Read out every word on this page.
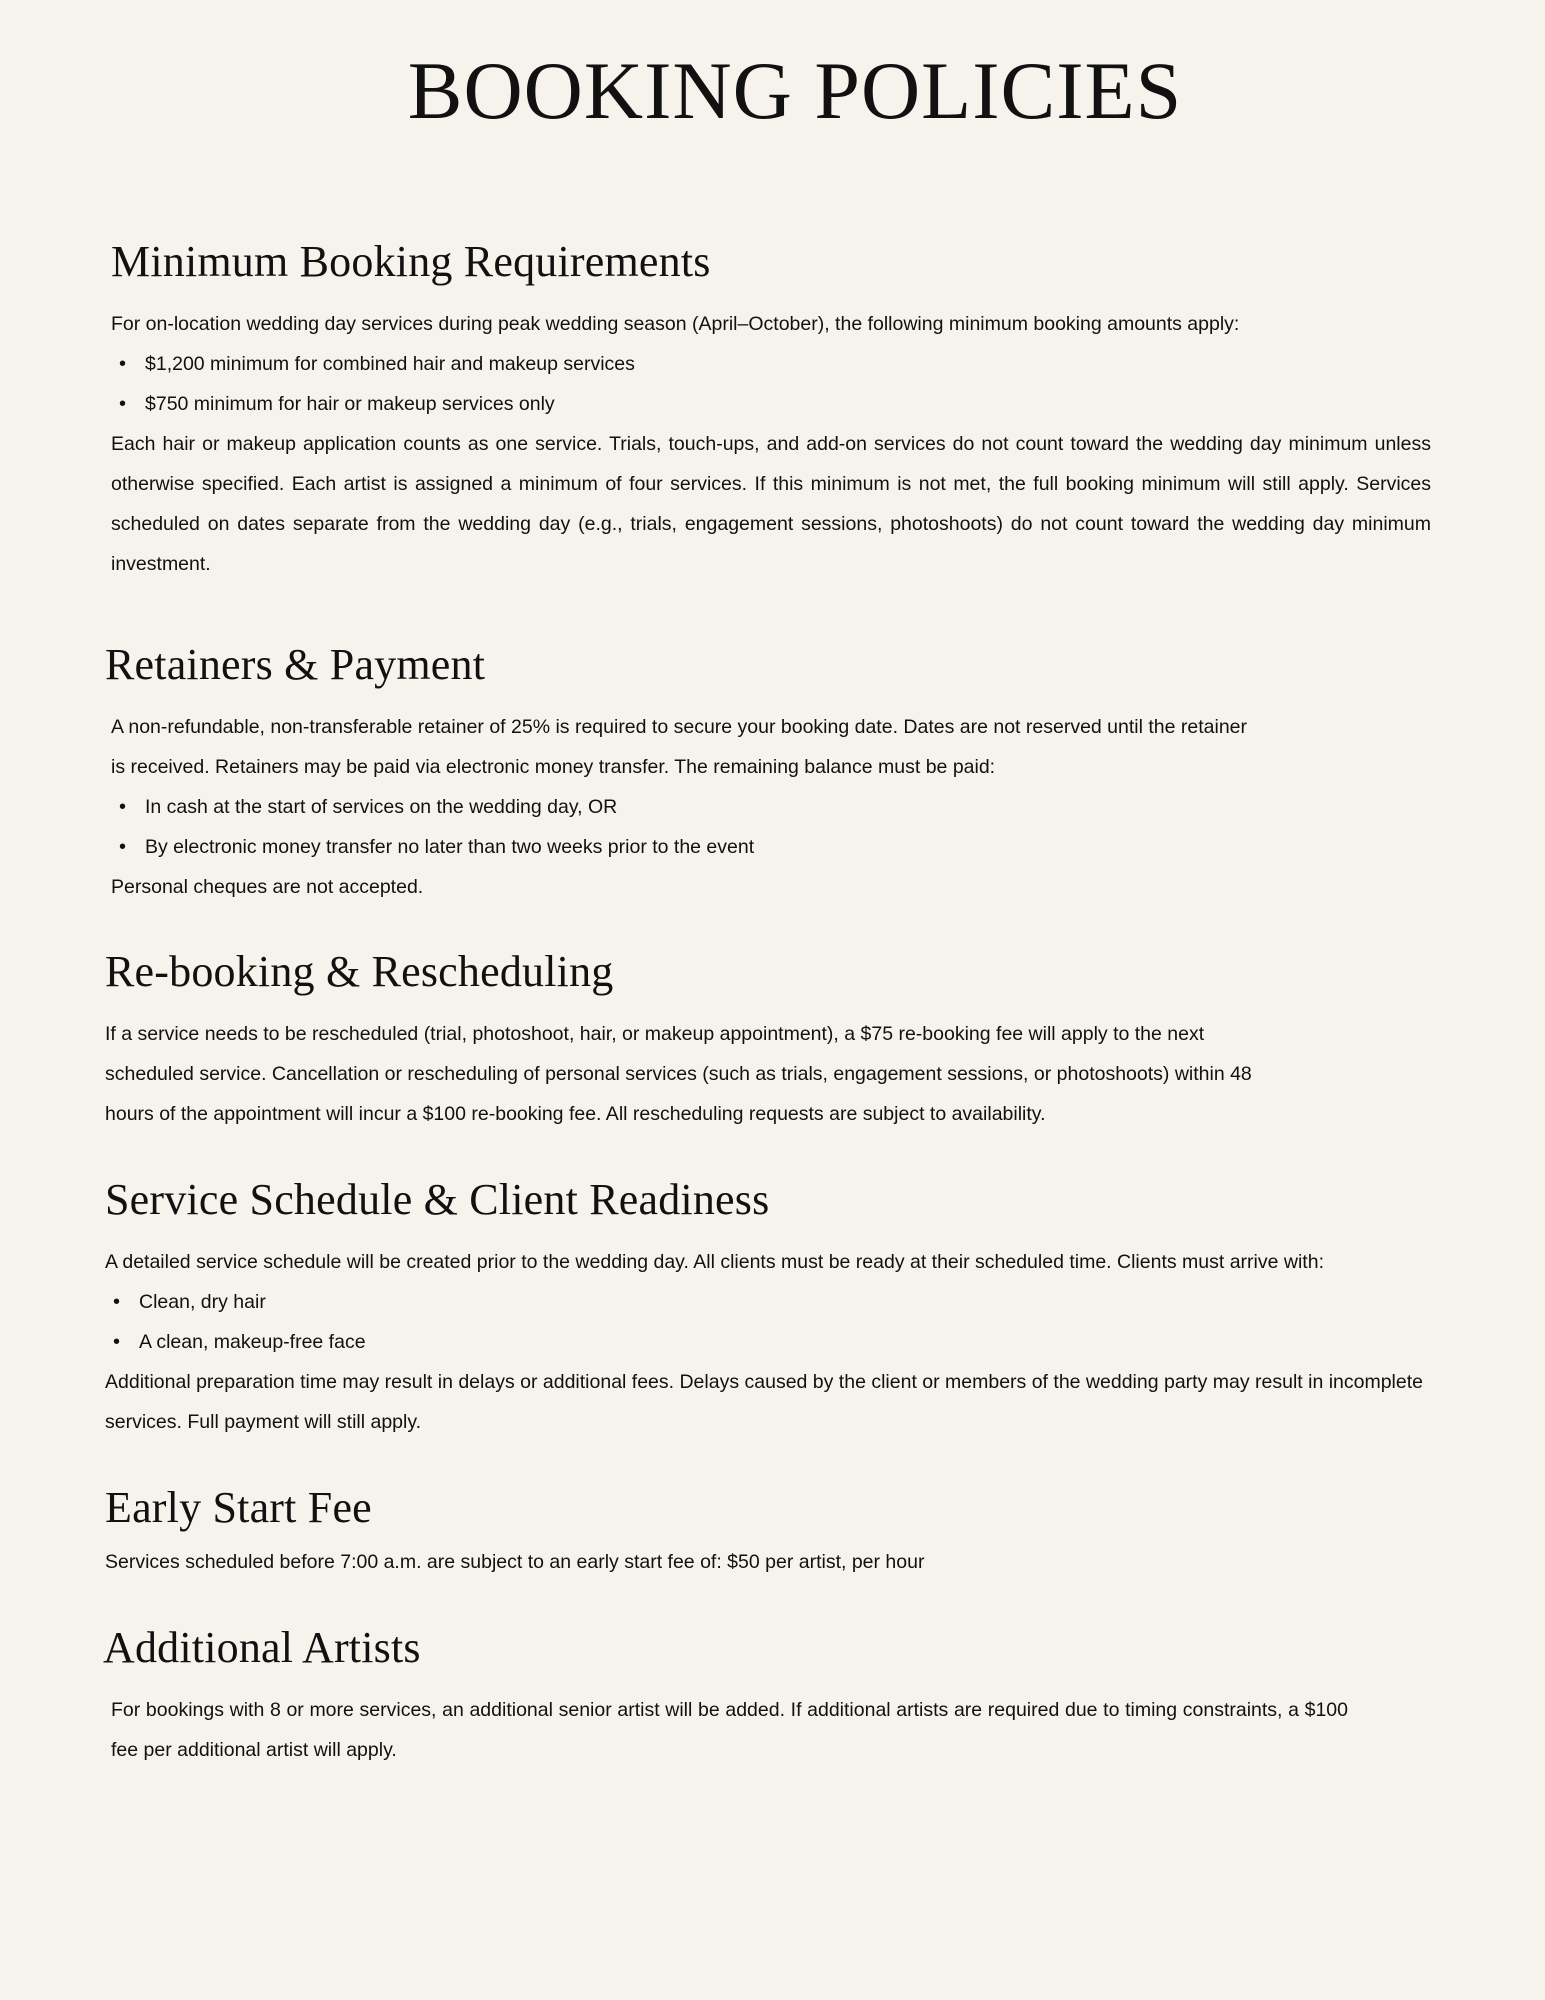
BOOKING POLICIES
Minimum Booking Requirements

For on-location wedding day services during peak wedding season (April–October), the following minimum booking amounts apply:

• $1,200 minimum for combined hair and makeup services
• $750 minimum for hair or makeup services only

Each hair or makeup application counts as one service. Trials, touch-ups, and add-on services do not count toward the wedding day minimum unless otherwise specified. Each artist is assigned a minimum of four services. If this minimum is not met, the full booking minimum will still apply. Services scheduled on dates separate from the wedding day (e.g., trials, engagement sessions, photoshoots) do not count toward the wedding day minimum investment.

Retainers & Payment

A non-refundable, non-transferable retainer of 25% is required to secure your booking date. Dates are not reserved until the retainer

is received. Retainers may be paid via electronic money transfer. The remaining balance must be paid:

• In cash at the start of services on the wedding day, OR
• By electronic money transfer no later than two weeks prior to the event

Personal cheques are not accepted.

Re-booking & Rescheduling

If a service needs to be rescheduled (trial, photoshoot, hair, or makeup appointment), a $75 re-booking fee will apply to the next

scheduled service. Cancellation or rescheduling of personal services (such as trials, engagement sessions, or photoshoots) within 48

hours of the appointment will incur a $100 re-booking fee. All rescheduling requests are subject to availability.

Service Schedule & Client Readiness

A detailed service schedule will be created prior to the wedding day. All clients must be ready at their scheduled time. Clients must arrive with:

• Clean, dry hair
• A clean, makeup-free face

Additional preparation time may result in delays or additional fees. Delays caused by the client or members of the wedding party may result in incomplete services. Full payment will still apply.

Early Start Fee

Services scheduled before 7:00 a.m. are subject to an early start fee of: $50 per artist, per hour

Additional Artists

For bookings with 8 or more services, an additional senior artist will be added. If additional artists are required due to timing constraints, a $100 fee per additional artist will apply.
